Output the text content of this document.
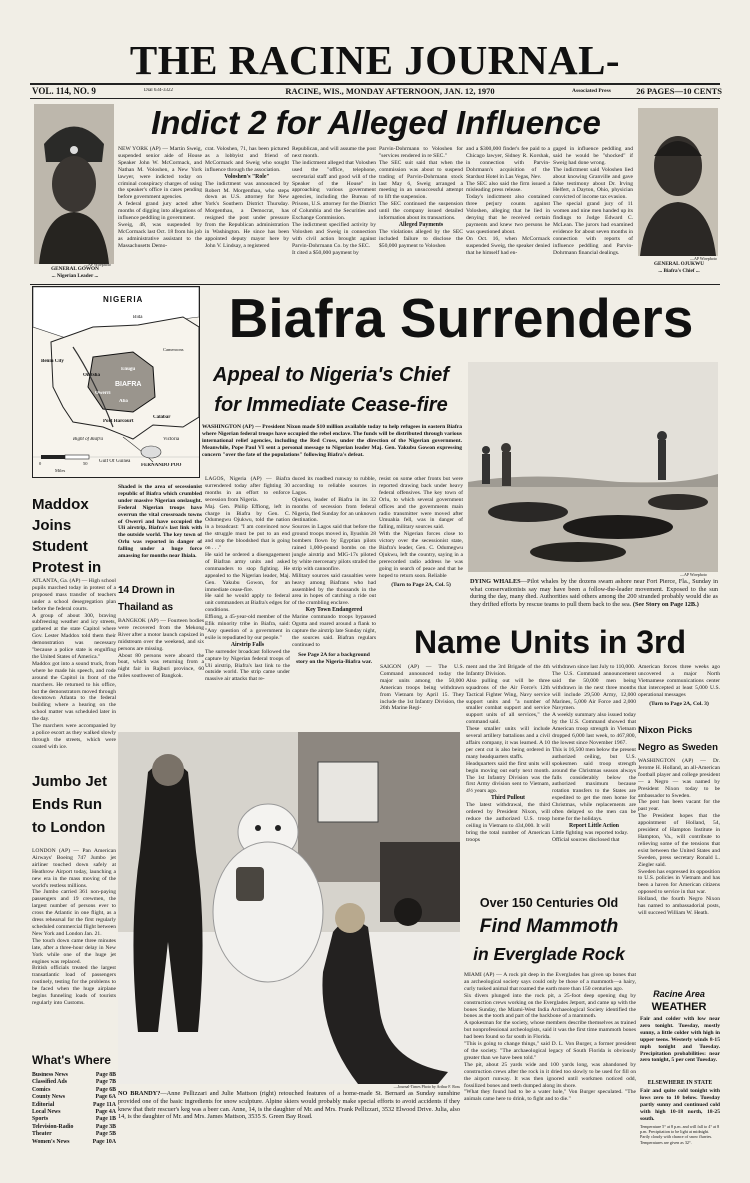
THE RACINE JOURNAL-
VOL. 114, NO. 9	Dial 634-3322	RACINE, WIS., MONDAY AFTERNOON, JAN. 12, 1970	Associated Press	26 PAGES—10 CENTS
—AP Wirephoto
GENERAL GOWON
... Nigerian Leader ...
Indict 2 for Alleged Influence
NEW YORK (AP) — Martin Sweig, suspended senior aide of House Speaker John W. McCormack, and Nathan M. Voloshen, a New York lawyer, were indicted today on criminal conspiracy charges of using the speaker's office in cases pending before government agencies.
A federal grand jury acted after months of digging into allegations of influence peddling in government.
Sweig, 48, was suspended by McCormack last Oct. 18 from his job as administrative assistant to the Massachusetts Demo-
crat. Voloshen, 71, has been pictured as a lobbyist and friend of McCormack and Sweig who sought influence through the association.
Voloshen's "Role"
The indictment was announced by Robert M. Morgenthau, who steps down as U.S. attorney for New York's Southern District Thursday. Morgenthau, a Democrat, has resigned the post under pressure from the Republican administration in Washington. He since has been appointed deputy mayor here by John V. Lindsay, a registered
Republican, and will assume the post next month.
The indictment alleged that Voloshen used the "office, telephone, secretarial staff and good will of the Speaker of the House" in approaching various government agencies, including the Bureau of Prisons, U.S. attorney for the District of Columbia and the Securities and Exchange Commission.
The indictment specified activity by Voloshen and Sweig in connection with civil action brought against Parvin-Dohrmann Co. by the SEC.
It cited a $50,000 payment by
Parvin-Dohrmann to Voloshen for "services rendered in re SEC."
The SEC suit said that when the commission was about to suspend trading of Parvin-Dohrmann stock last May 6, Sweig arranged a meeting in an unsuccessful attempt to lift the suspension.
The SEC continued the suspension until the company issued detailed information about its transactions.
Alleged Payments
The violations alleged by the SEC included failure to disclose the $50,000 payment to Voloshen
and a $300,000 finder's fee paid to a Chicago lawyer, Sidney R. Korshak, in connection with Parvin-Dohrmann's acquisition of the Stardust Hotel in Las Vegas, Nev.
The SEC also said the firm issued a misleading press release.
Today's indictment also contained three perjury counts against Voloshen, alleging that he lied in denying that he received certain payments and knew two persons he was questioned about.
On Oct. 16, when McCormack suspended Sweig, the speaker denied that he himself had en-
gaged in influence peddling and said he would be "shocked" if Sweig had done wrong.
The indictment said Voloshen lied about knowing Granville and gave false testimony about Dr. Irving Helfert, a Dayton, Ohio, physician convicted of income tax evasion.
The special grand jury of 11 women and nine men handed up its findings to Judge Edward C. McLean. The jurors had examined evidence for about seven months in connection with reports of influence peddling and Parvin-Dohrmann financial dealings.
—AP Wirephoto
GENERAL OJUKWU
... Biafra's Chief ...
NIGERIA
Benin City
Onitsha
Enugu
Owerri
Aba
Calabar
Port Harcourt
BIAFRA
Bight of Biafra	Victoria
FERNANDO POO
Gulf Of Guinea
Cameroons
Bida
0	50
Miles
Biafra Surrenders
Appeal to Nigeria's Chief
for Immediate Cease-fire
WASHINGTON (AP) — President Nixon made $10 million available today to help refugees in eastern Biafra where Nigerian federal troops have occupied the rebel enclave. The funds will be distributed through various international relief agencies, including the Red Cross, under the direction of the Nigerian government. Meanwhile, Pope Paul VI sent a personal message to Nigerian leader Maj. Gen. Yakubu Gowon expressing concern "over the fate of the populations" following Biafra's defeat.
—AP Wirephoto
DYING WHALES—Pilot whales by the dozens swam ashore near Fort Pierce, Fla., Sunday in what conservationists say may have been a follow-the-leader movement. Exposed to the sun during the day, many died. Authorities said others among the 200 stranded probably would die as they drifted efforts by rescue teams to pull them back to the sea. (See Story on Page 12B.)
Shaded is the area of secessionist republic of Biafra which crumbled under massive Nigerian onslaught. Federal Nigerian troops have overrun the vital crossroads towns of Owerri and have occupied the Uli airstrip, Biafra's last link with the outside world. The key town of Orlu was reported in danger of falling under a huge force amassing for months near Ihiala.
LAGOS, Nigeria (AP) — Biafra surrendered today after fighting 30 months in an effort to enforce secession from Nigeria.
Maj. Gen. Philip Effiong, left in charge in Biafra by Gen. C. Odumegwu Ojukwu, told the nation in a broadcast: "I am convinced now the struggle must be put to an end and stop the bloodshed that is going on . . ."
He said he ordered a disengagement of Biafran army units and asked commanders to stop fighting. He appealed to the Nigerian leader, Maj. Gen. Yakubu Gowon, for an immediate cease-fire.
He said he would apply to federal unit commanders at Biafra's edges for conditions.
Effiong, a 45-year-old member of the Efik minority tribe in Biafra, said: "Any question of a government in exile is repudiated by our people."
Airstrip Falls
The surrender broadcast followed the capture by Nigerian federal troops of Uli airstrip, Biafra's last link to the outside world. The strip came under massive air attacks that re-
duced its roadbed runway to rubble, according to reliable sources in Lagos.
Ojukwu, leader of Biafra in its 32 months of secession from federal Nigeria, fled Sunday for an unknown destination.
Sources in Lagos said that before the ground troops moved in, Ilyushin 28 bombers flown by Egyptian pilots rained 1,000-pound bombs on the jungle airstrip and MIG-17s piloted by white mercenary pilots strafed the strip with cannonfire.
Military sources said casualties were heavy among Biafrans who had assembled by the thousands in the area in hopes of catching a ride out of the crumbling enclave.
Key Town Endangered
Marine commando troops bypassed Ogutta and roared around a flank to capture the airstrip late Sunday night, the sources said. Biafran regulars continued to
See Page 2A for a background story on the Nigeria-Biafra war.
resist on some other fronts but were reported drawing back under heavy federal offensives. The key town of Orlu, to which several government offices and the governments main radio transmitter were moved after Umuahia fell, was in danger of falling, military sources said.
With the Nigerian forces close to victory over the secessionist state, Biafra's leader, Gen. C. Odumegwu Ojukwu, left the country, saying in a prerecorded radio address he was going in search of peace and that he hoped to return soon. Reliable
(Turn to Page 2A, Col. 5)
Maddox Joins Student Protest in
ATLANTA, Ga. (AP) — High school pupils marched today in protest of a proposed mass transfer of teachers under a school desegregation plan before the federal courts.
A group of about 300, braving subfreezing weather and icy streets, gathered at the state Capitol where Gov. Lester Maddox told them their demonstration was necessary "because a police state is engulfing the United States of America."
Maddox got into a sound truck, from where he made his speech, and rode around the Capitol in front of the marchers. He returned to his office, but the demonstrators moved through downtown Atlanta to the federal building where a hearing on the school matter was scheduled later in the day.
The marchers were accompanied by a police escort as they walked slowly through the streets, which were coated with ice.
14 Drown in Thailand as
BANGKOK (AP) — Fourteen bodies were recovered from the Mekong River after a motor launch capsized in midstream over the weekend, and six persons are missing.
About 80 persons were aboard the boat, which was returning from a night fair in Rajburi province, 60 miles southwest of Bangkok.
Name Units in 3rd
SAIGON (AP) — The U.S. Command announced today the major units among the 50,000 American troops being withdrawn from Vietnam by April 15. They include the 1st Infantry Division, the 26th Marine Regi-
ment and the 3rd Brigade of the 4th Infantry Division.
Also pulling out will be three squadrons of the Air Force's 12th Tactical Fighter Wing, Navy service support units and "a number of smaller combat support and service support units of all services," the command said.
These smaller units will include several artillery battalions and a civil affairs company, it was learned. A 10 per cent cut is also being ordered in many headquarters staffs.
Headquarters said the first units will begin moving out early next month. The 1st Infantry Division was the first Army division sent to Vietnam, 4½ years ago.
Third Pullout
The latest withdrawal, the third ordered by President Nixon, will reduce the authorized U.S. troop ceiling in Vietnam to 434,000. It will bring the total number of American troops
withdrawn since last July to 110,000.
The U.S. Command announcement said the 50,000 men being withdrawn in the next three months will include 29,500 Army, 12,000 Marines, 5,000 Air Force and 2,000 Navymen.
A weekly summary also issued today by the U.S. Command showed that American troop strength in Vietnam dropped 6,000 last week, to 467,800, the lowest since November 1967.
This is 16,500 men below the present authorized ceiling, but U.S. spokesmen said troop strength around the Christmas season always falls considerably below the authorized maximum because rotation transfers to the States are expedited to get the men home for Christmas, while replacements are often delayed so the men can be home for the holidays.
Report Little Action
Little fighting was reported today.
Official sources disclosed that
American forces three weeks ago uncovered a major North Vietnamese communications center that intercepted at least 5,000 U.S. operational messages
(Turn to Page 2A, Col. 3)
Nixon Picks Negro as Sweden
WASHINGTON (AP) — Dr. Jerome H. Holland, an all-American football player and college president — a Negro — was named by President Nixon today to be ambassador to Sweden.
The post has been vacant for the past year.
The President hopes that the appointment of Holland, 54, president of Hampton Institute in Hampton, Va., will contribute to relieving some of the tensions that exist between the United States and Sweden, press secretary Ronald L. Ziegler said.
Sweden has expressed its opposition to U.S. policies in Vietnam and has been a haven for American citizens opposed to service in that war.
Holland, the fourth Negro Nixon has named to ambassadorial posts, will succeed William W. Heath.
Jumbo Jet Ends Run to London
LONDON (AP) — Pan American Airways' Boeing 747 Jumbo jet airliner touched down safely at Heathrow Airport today, launching a new era in the mass moving of the world's restless millions.
The Jumbo carried 361 non-paying passengers and 19 crewmen, the largest number of persons ever to cross the Atlantic in one flight, as a dress rehearsal for the first regularly scheduled commercial flight between New York and London Jan. 21.
The touch down came three minutes late, after a three-hour delay in New York while one of the huge jet engines was replaced.
British officials treated the largest transatlantic load of passengers routinely, testing for the problems to be faced when the huge airplane begins funneling loads of tourists regularly into Customs.
—Journal-Times Photo by Arthur F. Ross
NO BRANDY?—Anne Pellizzari and Julie Mattson (right) retouched features of a home-made St. Bernard as Sunday sunshine provided one of the basic ingredients for snow sculpture. Alpine skiers would probably make special efforts to avoid accidents if they knew that their rescuer's keg was a beer can. Anne, 14, is the daughter of Mr. and Mrs. Frank Pellizzari, 3532 Elwood Drive. Julia, also 14, is the daughter of Mr. and Mrs. James Mattson, 3535 S. Green Bay Road.
What's Where
Business News	Page 8B
Classified Ads	Page 7B
Comics	Page 6B
County News	Page 6A
Editorial	Page 11A
Local News	Page 4A
Sports	Page 1B
Television-Radio	Page 3B
Theater	Page 5B
Women's News	Page 10A
Over 150 Centuries Old
Find Mammoth
in Everglade Rock
MIAMI (AP) — A rock pit deep in the Everglades has given up bones that an archeological society says could only be those of a mammoth—a hairy, curly tusked animal that roamed the earth more than 150 centuries ago.
Six divers plunged into the rock pit, a 25-foot deep opening dug by construction crews working on the Everglades Jetport, and came up with the bones Sunday, the Miami-West India Archaeological Society identified the bones as the tooth and part of the backbone of a mammoth.
A spokesman for the society, whose members describe themselves as trained but nonprofessional archeologists, said it was the first time mammoth bones had been found so far south in Florida.
"This is going to change things," said D. L. Von Burger, a former president of the society. "The archaeological legacy of South Florida is obviously greater than we have been told."
The pit, about 25 yards wide and 100 yards long, was abandoned by construction crews after the rock in it dried too slowly to be used for fill on the airport runway. It was then ignored until workmen noticed odd, fossilized bones and teeth dumped along its shore.
"What they found had to be a water hole," Von Burger speculated. "The animals came here to drink, to fight and to die."
Racine Area
WEATHER
Fair and colder with low near zero tonight. Tuesday, mostly sunny, a little colder with high in upper teens. Westerly winds 8-15 mph tonight and Tuesday. Precipitation probabilities: near zero tonight, 5 per cent Tuesday.
ELSEWHERE IN STATE
Fair and quite cold tonight with lows zero to 10 below. Tuesday partly sunny and continued cold with high 10-18 north, 18-25 south.
Temperature 5° at 8 p.m. and will fall to 4° at 8 p.m. Precipitation to be light at midnight. Partly cloudy with chance of snow flurries. Temperatures are given as 32°.
